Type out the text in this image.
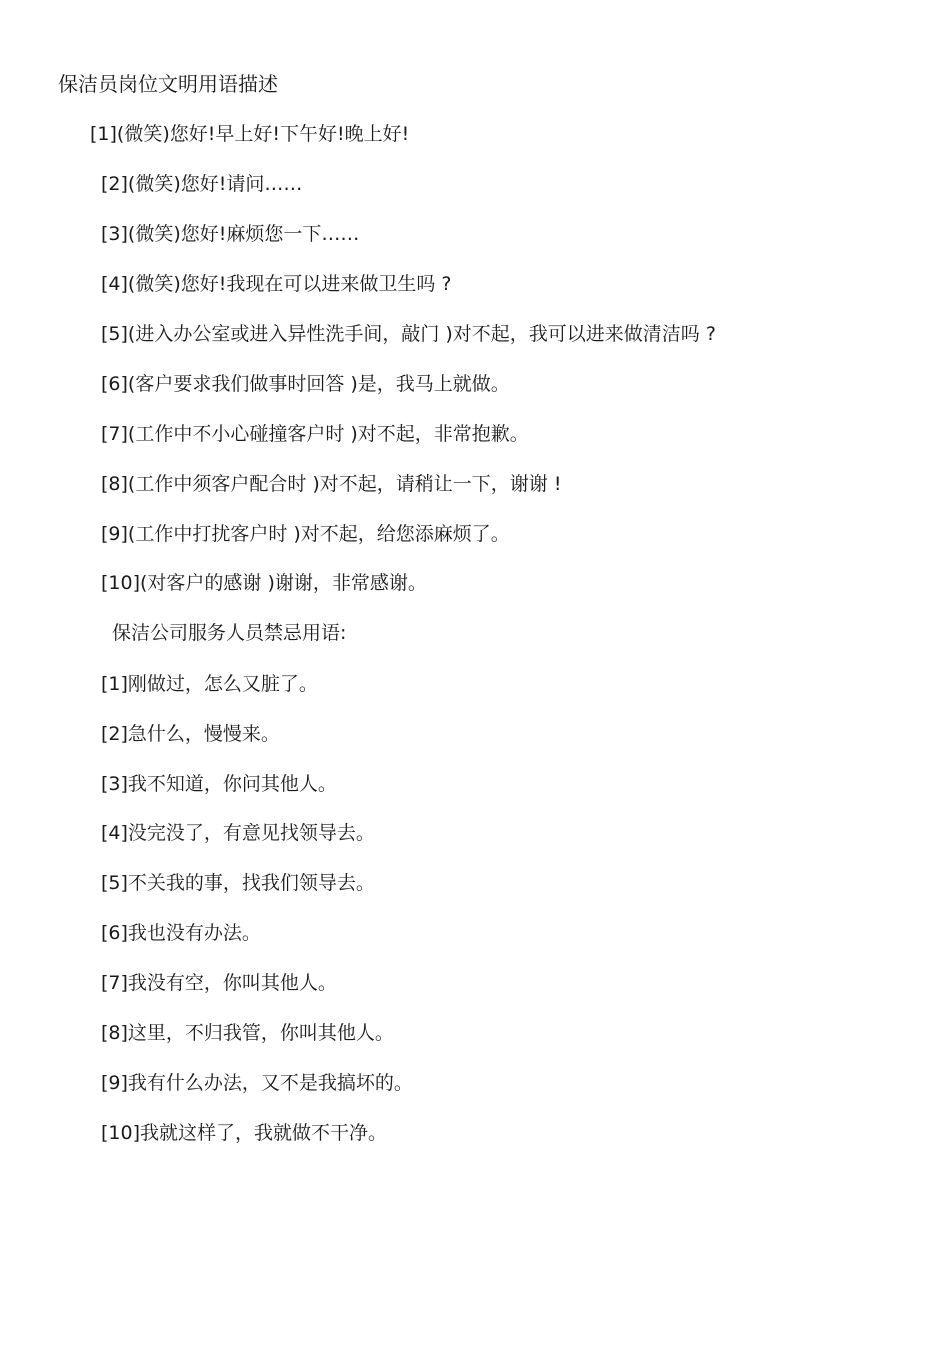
保洁员岗位文明用语描述
[1](微笑)您好!早上好!下午好!晚上好!
[2](微笑)您好!请问……
[3](微笑)您好!麻烦您一下……
[4](微笑)您好!我现在可以进来做卫生吗 ?
[5](进入办公室或进入异性洗手间，敲门 )对不起，我可以进来做清洁吗 ?
[6](客户要求我们做事时回答 )是，我马上就做。
[7](工作中不小心碰撞客户时 )对不起，非常抱歉。
[8](工作中须客户配合时 )对不起，请稍让一下，谢谢 !
[9](工作中打扰客户时 )对不起，给您添麻烦了。
[10](对客户的感谢 )谢谢，非常感谢。
保洁公司服务人员禁忌用语:
[1]刚做过，怎么又脏了。
[2]急什么，慢慢来。
[3]我不知道，你问其他人。
[4]没完没了，有意见找领导去。
[5]不关我的事，找我们领导去。
[6]我也没有办法。
[7]我没有空，你叫其他人。
[8]这里，不归我管，你叫其他人。
[9]我有什么办法，又不是我搞坏的。
[10]我就这样了，我就做不干净。
